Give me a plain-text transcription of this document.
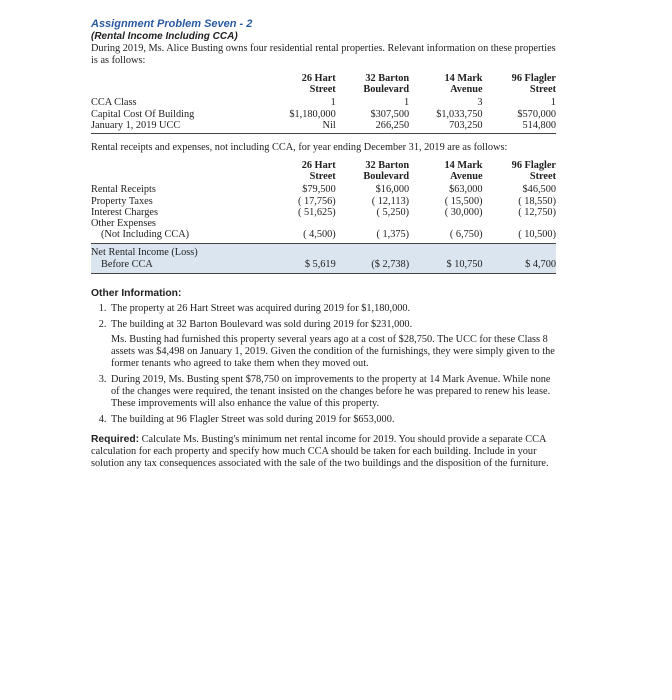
Assignment Problem Seven - 2
(Rental Income Including CCA)
During 2019, Ms. Alice Busting owns four residential rental properties. Relevant information on these properties is as follows:
	26 Hart	32 Barton	14 Mark	96 Flagler
	Street	Boulevard	Avenue	Street
CCA Class	1	1	3	1
Capital Cost Of Building	$1,180,000	$307,500	$1,033,750	$570,000
January 1, 2019 UCC	Nil	266,250	703,250	514,800
Rental receipts and expenses, not including CCA, for year ending December 31, 2019 are as follows:
	26 Hart	32 Barton	14 Mark	96 Flagler
	Street	Boulevard	Avenue	Street
Rental Receipts	$79,500	$16,000	$63,000	$46,500
Property Taxes	( 17,756)	( 12,113)	( 15,500)	( 18,550)
Interest Charges	( 51,625)	( 5,250)	( 30,000)	( 12,750)
Other Expenses				
(Not Including CCA)	( 4,500)	( 1,375)	( 6,750)	( 10,500)
Net Rental Income (Loss)				
Before CCA	$ 5,619	($ 2,738)	$ 10,750	$ 4,700
Other Information:
1. The property at 26 Hart Street was acquired during 2019 for $1,180,000.
2. The building at 32 Barton Boulevard was sold during 2019 for $231,000.
Ms. Busting had furnished this property several years ago at a cost of $28,750. The UCC for these Class 8 assets was $4,498 on January 1, 2019. Given the condition of the furnishings, they were simply given to the former tenants who agreed to take them when they moved out.
3. During 2019, Ms. Busting spent $78,750 on improvements to the property at 14 Mark Avenue. While none of the changes were required, the tenant insisted on the changes before he was prepared to renew his lease. These improvements will also enhance the value of this property.
4. The building at 96 Flagler Street was sold during 2019 for $653,000.
Required: Calculate Ms. Busting's minimum net rental income for 2019. You should provide a separate CCA calculation for each property and specify how much CCA should be taken for each building. Include in your solution any tax consequences associated with the sale of the two buildings and the disposition of the furniture.
